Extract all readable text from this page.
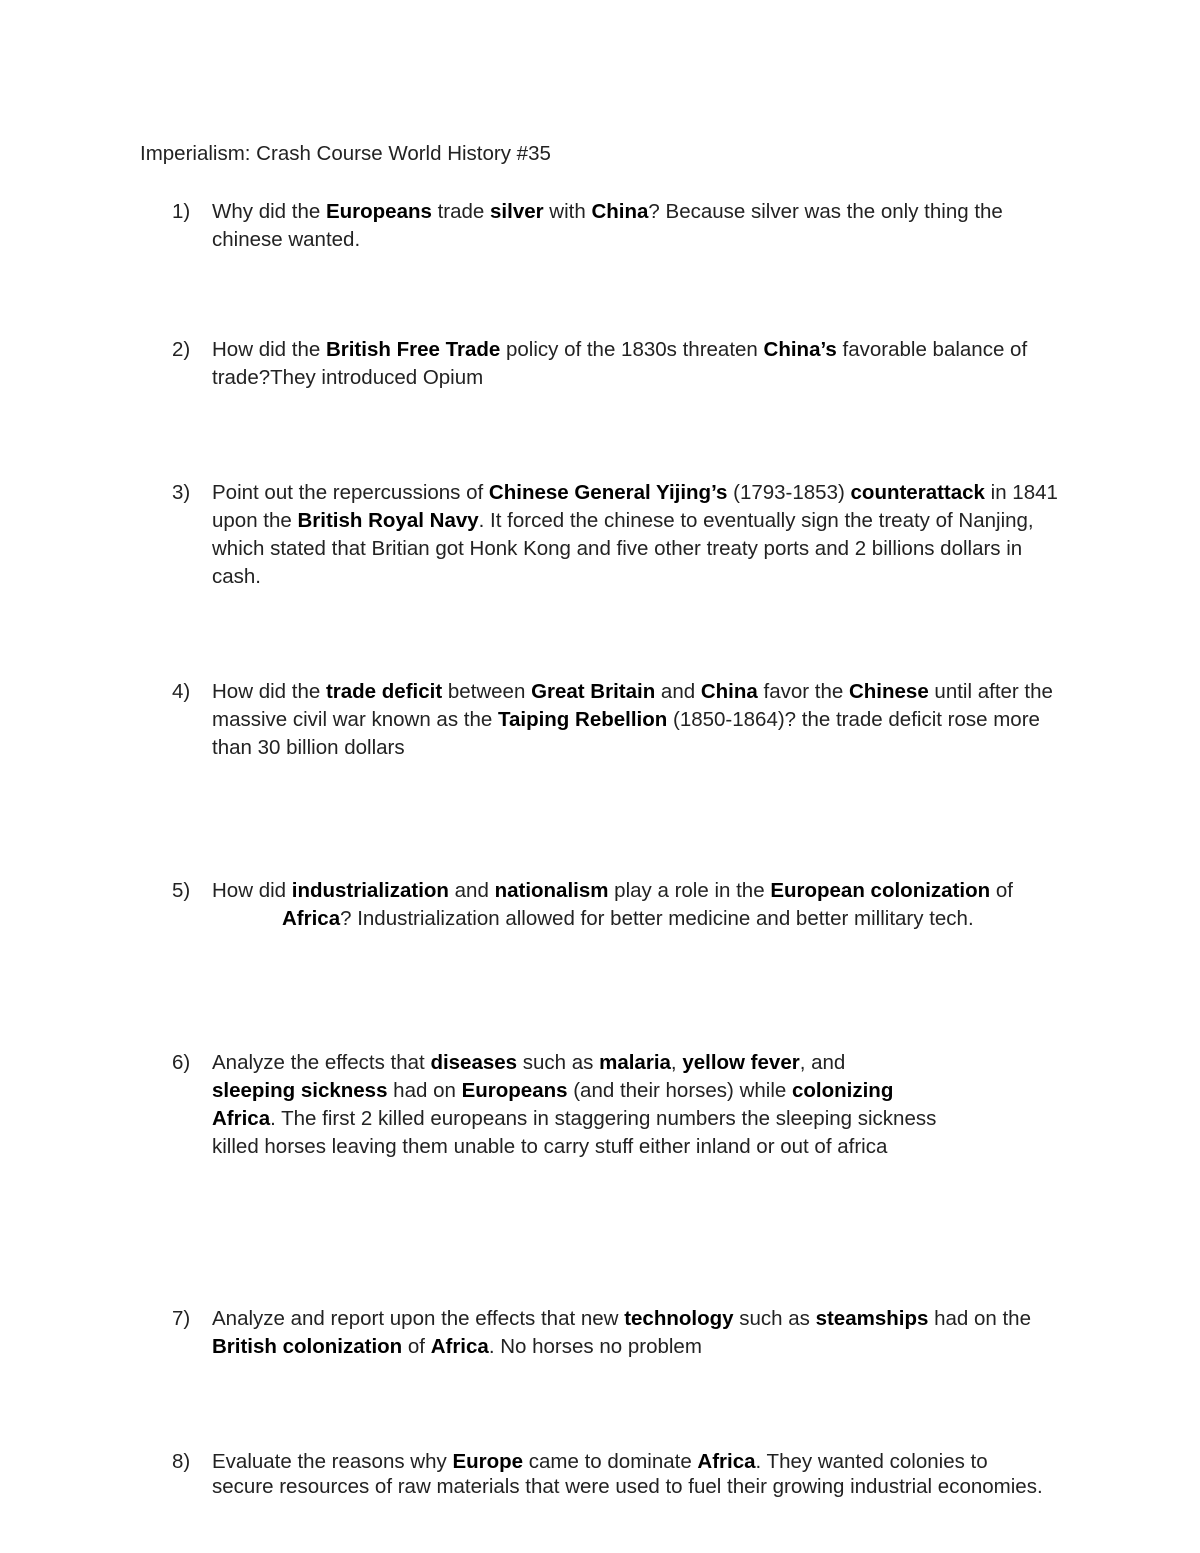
Imperialism: Crash Course World History #35
1) Why did the Europeans trade silver with China? Because silver was the only thing the chinese wanted.
2) How did the British Free Trade policy of the 1830s threaten China’s favorable balance of trade?They introduced Opium
3) Point out the repercussions of Chinese General Yijing’s (1793-1853) counterattack in 1841 upon the British Royal Navy. It forced the chinese to eventually sign the treaty of Nanjing, which stated that Britian got Honk Kong and five other treaty ports and 2 billions dollars in cash.
4) How did the trade deficit between Great Britain and China favor the Chinese until after the massive civil war known as the Taiping Rebellion (1850-1864)? the trade deficit rose more than 30 billion dollars
5) How did industrialization and nationalism play a role in the European colonization of
Africa? Industrialization allowed for better medicine and better millitary tech.
6) Analyze the effects that diseases such as malaria, yellow fever, and
sleeping sickness had on Europeans (and their horses) while colonizing Africa. The first 2 killed europeans in staggering numbers the sleeping sickness killed horses leaving them unable to carry stuff either inland or out of africa
7) Analyze and report upon the effects that new technology such as steamships had on the British colonization of Africa. No horses no problem
8) Evaluate the reasons why Europe came to dominate Africa. They wanted colonies to secure resources of raw materials that were used to fuel their growing industrial economies.
